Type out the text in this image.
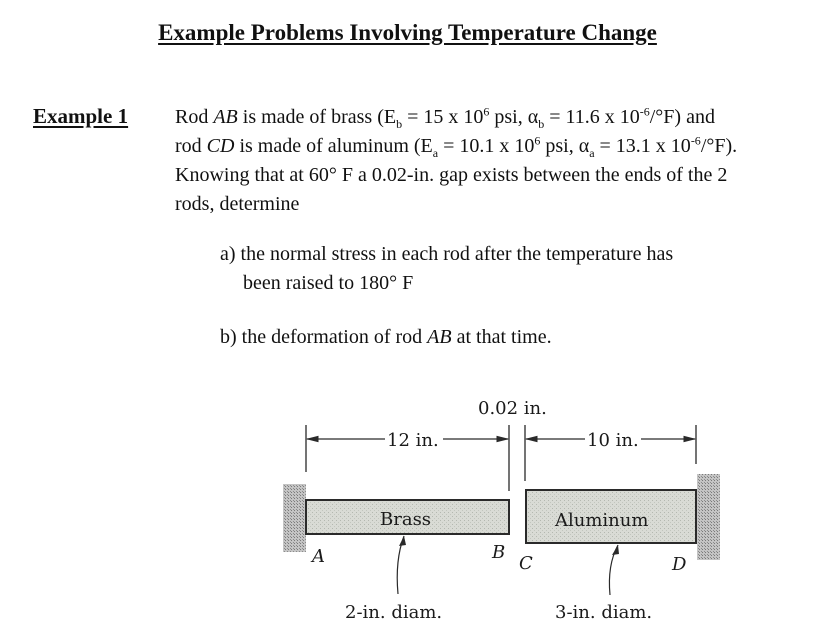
Example Problems Involving Temperature Change
Example 1 Rod AB is made of brass ($E_b = 15$ x $10^6$ psi, $\alpha_b = 11.6$ x $10^{-6}/^\circ F$) and
rod CD is made of aluminum ($E_a = 10.1$ x $10^6$ psi, $\alpha_a = 13.1$ x $10^{-6}/^\circ F$).
Knowing that at 60° F a 0.02-in. gap exists between the ends of the 2
rods, determine
a) the normal stress in each rod after the temperature has
been raised to 180° F
b) the deformation of rod AB at that time.
0.02 in.
12 in.	10 in.
Brass	Aluminum
A	B
C	D
2-in. diam.	3-in. diam.
